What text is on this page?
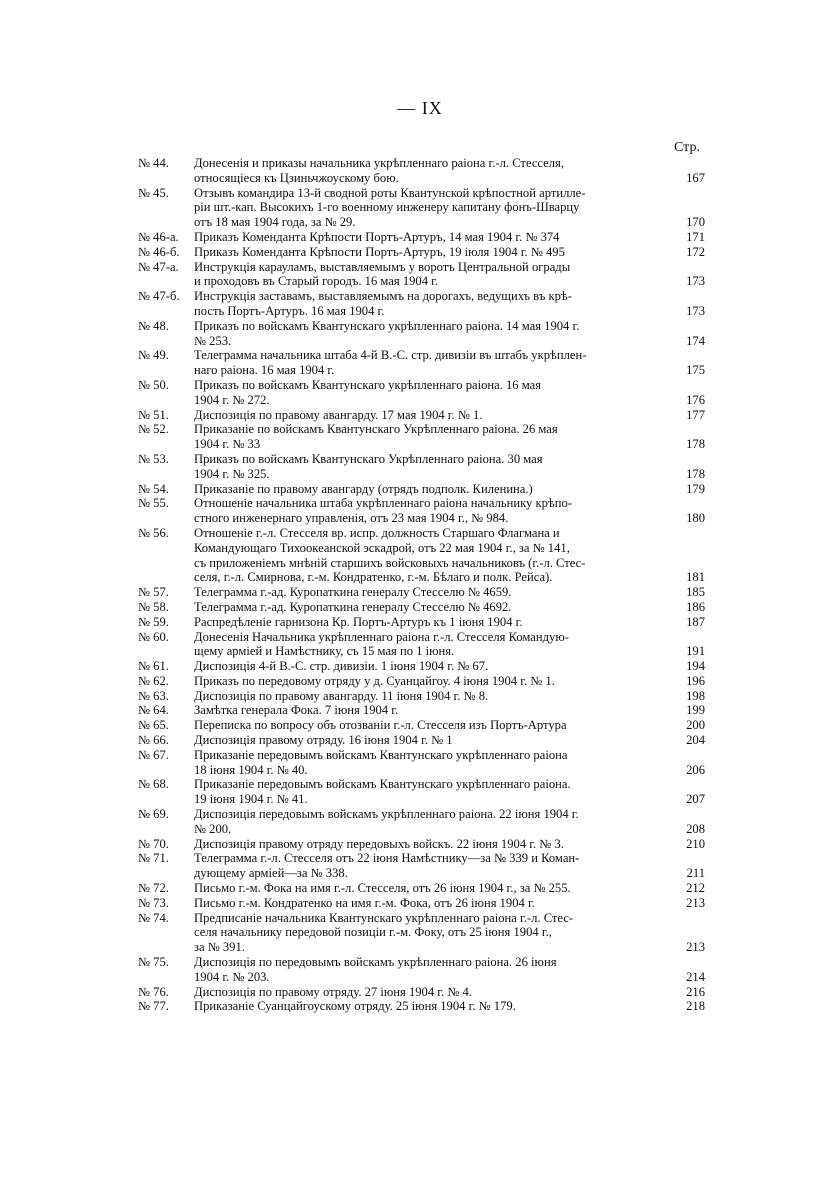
— IX
Стр.
№ 44. Донесенія и приказы начальника укрѣпленнаго раіона г.-л. Стесселя,
относящіеся къ Цзиньчжоускому бою.	167
№ 45. Отзывъ командира 13-й сводной роты Квантунской крѣпостной артилле-
ріи шт.-кап. Высокихъ 1-го военному инженеру капитану фонъ-Шварцу
отъ 18 мая 1904 года, за № 29.	170
№ 46-а. Приказъ Коменданта Крѣпости Портъ-Артуръ, 14 мая 1904 г. № 374	171
№ 46-б. Приказъ Коменданта Крѣпости Портъ-Артуръ, 19 іюля 1904 г. № 495	172
№ 47-а. Инструкція карауламъ, выставляемымъ у воротъ Центральной ограды
и проходовъ въ Старый городъ. 16 мая 1904 г.	173
№ 47-б. Инструкція заставамъ, выставляемымъ на дорогахъ, ведущихъ въ крѣ-
пость Портъ-Артуръ. 16 мая 1904 г.	173
№ 48. Приказъ по войскамъ Квантунскаго укрѣпленнаго раіона. 14 мая 1904 г.
№ 253.	174
№ 49. Телеграмма начальника штаба 4-й В.-С. стр. дивизіи въ штабъ укрѣплен-
наго раіона. 16 мая 1904 г.	175
№ 50. Приказъ по войскамъ Квантунскаго укрѣпленнаго раіона. 16 мая
1904 г. № 272.	176
№ 51. Диспозиція по правому авангарду. 17 мая 1904 г. № 1.	177
№ 52. Приказаніе по войскамъ Квантунскаго Укрѣпленнаго раіона. 26 мая
1904 г. № 33	178
№ 53. Приказъ по войскамъ Квантунскаго Укрѣпленнаго раіона. 30 мая
1904 г. № 325.	178
№ 54. Приказаніе по правому авангарду (отрядъ подполк. Киленина.)	179
№ 55. Отношеніе начальника штаба укрѣпленнаго раіона начальнику крѣпо-
стного инженернаго управленія, отъ 23 мая 1904 г., № 984.	180
№ 56. Отношеніе г.-л. Стесселя вр. испр. должность Старшаго Флагмана и
Командующаго Тихоокеанской эскадрой, отъ 22 мая 1904 г., за № 141,
съ приложеніемъ мнѣній старшихъ войсковыхъ начальниковъ (г.-л. Стес-
селя, г.-л. Смирнова, г.-м. Кондратенко, г.-м. Бѣлаго и полк. Рейса).	181
№ 57. Телеграмма г.-ад. Куропаткина генералу Стесселю № 4659.	185
№ 58. Телеграмма г.-ад. Куропаткина генералу Стесселю № 4692.	186
№ 59. Распредѣленіе гарнизона Кр. Портъ-Артуръ къ 1 іюня 1904 г.	187
№ 60. Донесенія Начальника укрѣпленнаго раіона г.-л. Стесселя Командую-
щему арміей и Намѣстнику, съ 15 мая по 1 іюня.	191
№ 61. Диспозиція 4-й В.-С. стр. дивизіи. 1 іюня 1904 г. № 67.	194
№ 62. Приказъ по передовому отряду у д. Суанцайгоу. 4 іюня 1904 г. № 1.	196
№ 63. Диспозиція по правому авангарду. 11 іюня 1904 г. № 8.	198
№ 64. Замѣтка генерала Фока. 7 іюня 1904 г.	199
№ 65. Переписка по вопросу объ отозваніи г.-л. Стесселя изъ Портъ-Артура	200
№ 66. Диспозиція правому отряду. 16 іюня 1904 г. № 1	204
№ 67. Приказаніе передовымъ войскамъ Квантунскаго укрѣпленнаго раіона
18 іюня 1904 г. № 40.	206
№ 68. Приказаніе передовымъ войскамъ Квантунскаго укрѣпленнаго раіона.
19 іюня 1904 г. № 41.	207
№ 69. Диспозиція передовымъ войскамъ укрѣпленнаго раіона. 22 іюня 1904 г.
№ 200.	208
№ 70. Диспозиція правому отряду передовыхъ войскъ. 22 іюня 1904 г. № 3.	210
№ 71. Телеграмма г.-л. Стесселя отъ 22 іюня Намѣстнику—за № 339 и Коман-
дующему арміей—за № 338.	211
№ 72. Письмо г.-м. Фока на имя г.-л. Стесселя, отъ 26 іюня 1904 г., за № 255.	212
№ 73. Письмо г.-м. Кондратенко на имя г.-м. Фока, отъ 26 іюня 1904 г.	213
№ 74. Предписаніе начальника Квантунскаго укрѣпленнаго раіона г.-л. Стес-
селя начальнику передовой позиціи г.-м. Фоку, отъ 25 іюня 1904 г.,
за № 391.	213
№ 75. Диспозиція по передовымъ войскамъ укрѣпленнаго раіона. 26 іюня
1904 г. № 203.	214
№ 76. Диспозиція по правому отряду. 27 іюня 1904 г. № 4.	216
№ 77. Приказаніе Суанцайгоускому отряду. 25 іюня 1904 г. № 179.	218
